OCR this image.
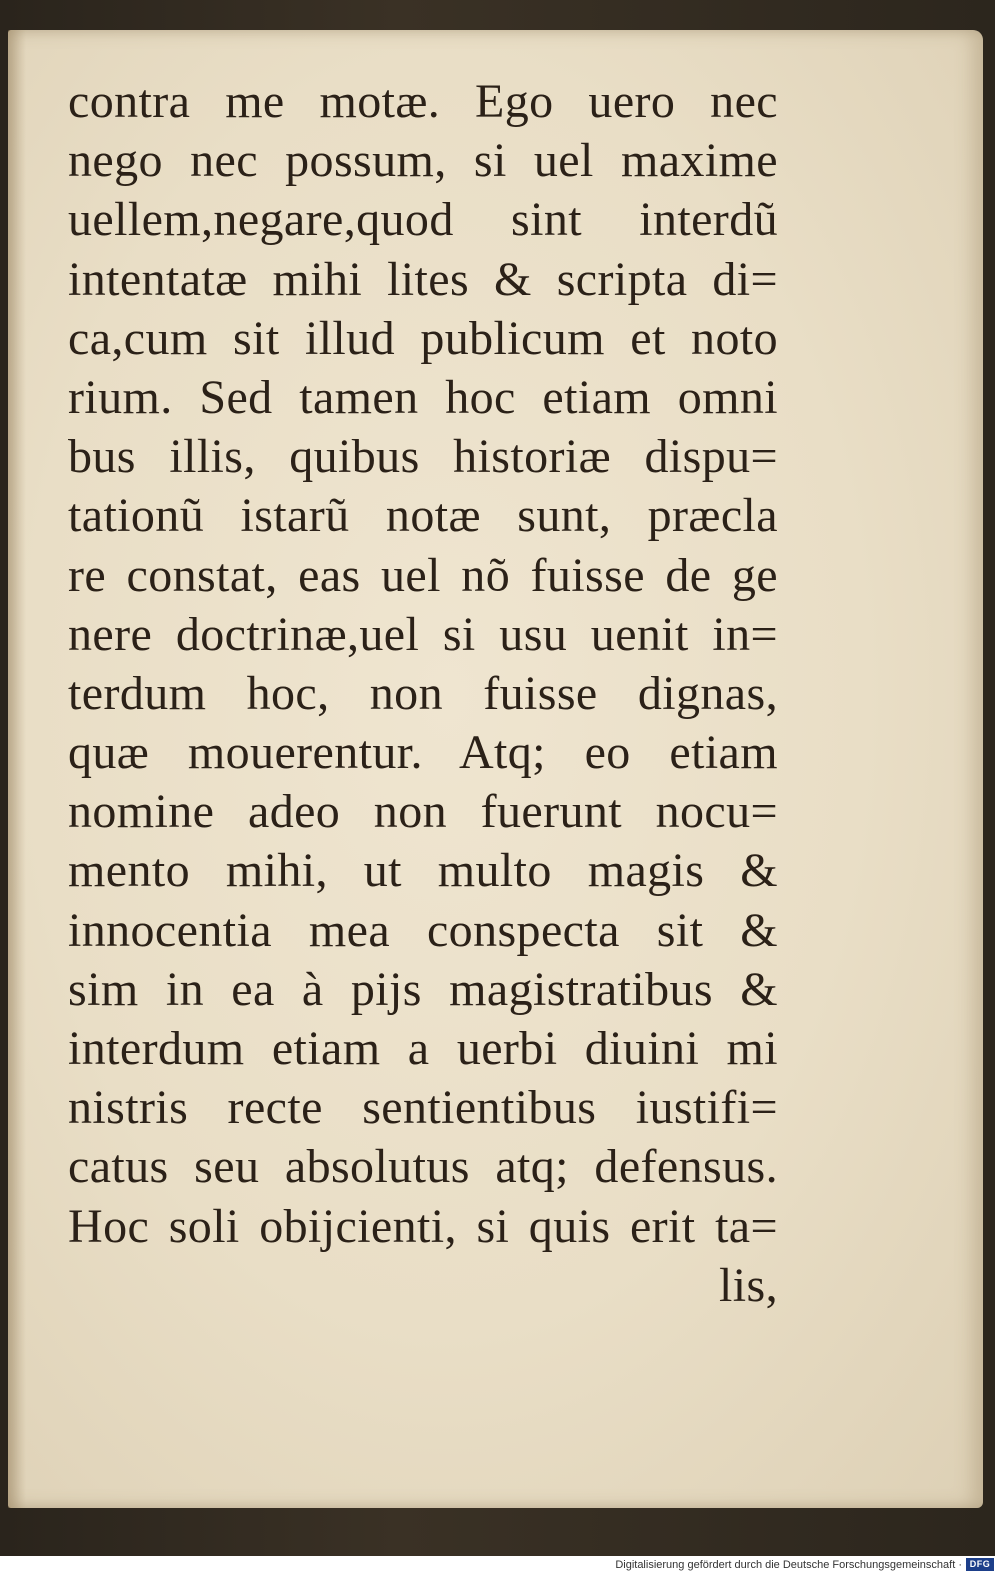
contra me motæ. Ego uero nec
nego nec possum, si uel maxime
uellem,negare,quod sint interdũ
intentatæ mihi lites & scripta di=
ca,cum sit illud publicum et noto
rium. Sed tamen hoc etiam omni
bus illis, quibus historiæ dispu=
tationũ istarũ notæ sunt, præcla
re constat, eas uel nõ fuisse de ge
nere doctrinæ,uel si usu uenit in=
terdum hoc, non fuisse dignas,
quæ mouerentur. Atq; eo etiam
nomine adeo non fuerunt nocu=
mento mihi, ut multo magis &
innocentia mea conspecta sit &
sim in ea à pijs magistratibus &
interdum etiam a uerbi diuini mi
nistris recte sentientibus iustifi=
catus seu absolutus atq; defensus.
Hoc soli obijcienti, si quis erit ta=
lis,
Digitalisierung gefördert durch die Deutsche Forschungsgemeinschaft · DFG
